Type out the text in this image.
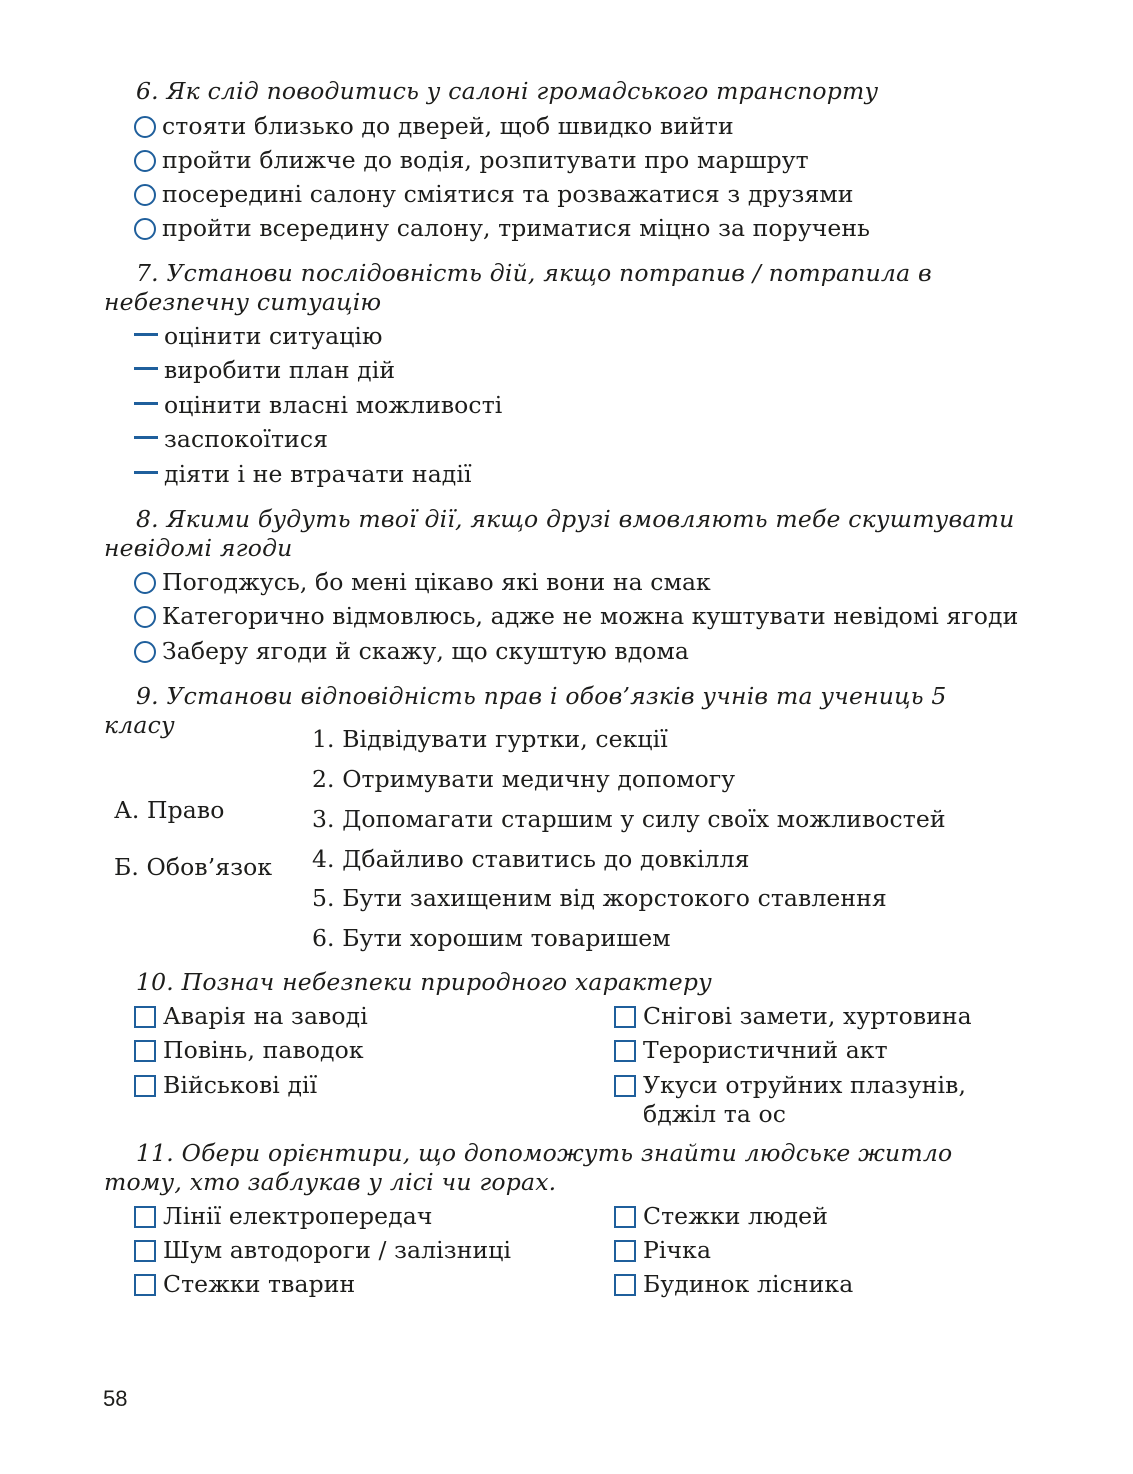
6. Як слід поводитись у салоні громадського транспорту
стояти близько до дверей, щоб швидко вийти
пройти ближче до водія, розпитувати про маршрут
посередині салону сміятися та розважатися з друзями
пройти всередину салону, триматися міцно за поручень
7. Установи послідовність дій, якщо потрапив / потрапила в небезпечну ситуацію
оцінити ситуацію
виробити план дій
оцінити власні можливості
заспокоїтися
діяти і не втрачати надії
8. Якими будуть твої дії, якщо друзі вмовляють тебе скуштувати невідомі ягоди
Погоджусь, бо мені цікаво які вони на смак
Категорично відмовлюсь, адже не можна куштувати невідомі ягоди
Заберу ягоди й скажу, що скуштую вдома
9. Установи відповідність прав і обов’язків учнів та учениць 5 класу
А. Право
Б. Обов’язок
1. Відвідувати гуртки, секції
2. Отримувати медичну допомогу
3. Допомагати старшим у силу своїх можливостей
4. Дбайливо ставитись до довкілля
5. Бути захищеним від жорстокого ставлення
6. Бути хорошим товаришем
10. Познач небезпеки природного характеру
Аварія на заводі
Повінь, паводок
Військові дії
Снігові замети, хуртовина
Терористичний акт
Укуси отруйних плазунів, бджіл та ос
11. Обери орієнтири, що допоможуть знайти людське житло тому, хто заблукав у лісі чи горах.
Лінії електропередач
Шум автодороги / залізниці
Стежки тварин
Стежки людей
Річка
Будинок лісника
58
